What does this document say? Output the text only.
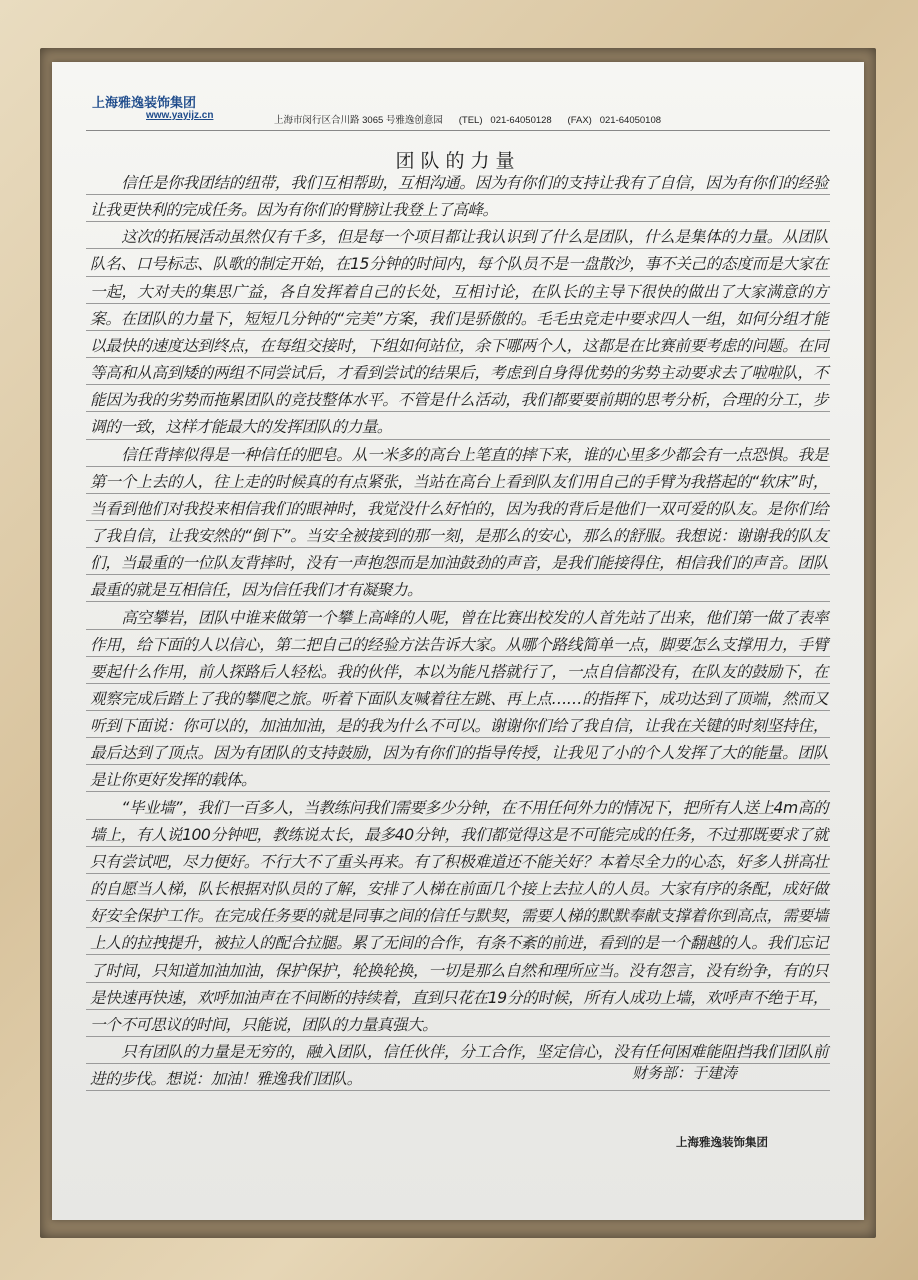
上海雅逸装饰集团
www.yayijz.cn	上海市闵行区合川路 3065 号雅逸创意园      (TEL)   021-64050128      (FAX)   021-64050108
团队的力量

信任是你我团结的纽带，我们互相帮助，互相沟通。因为有你们的支持让我有了自信，因为有你们的经验让我更快利的完成任务。因为有你们的臂膀让我登上了高峰。

这次的拓展活动虽然仅有千多，但是每一个项目都让我认识到了什么是团队，什么是集体的力量。从团队队名、口号标志、队歌的制定开始，在15分钟的时间内，每个队员不是一盘散沙，事不关己的态度而是大家在一起，大对夫的集思广益，各自发挥着自己的长处，互相讨论，在队长的主导下很快的做出了大家满意的方案。在团队的力量下，短短几分钟的“完美”方案，我们是骄傲的。毛毛虫竞走中要求四人一组，如何分组才能以最快的速度达到终点，在每组交接时，下组如何站位，余下哪两个人，这都是在比赛前要考虑的问题。在同等高和从高到矮的两组不同尝试后，才看到尝试的结果后，考虑到自身得优势的劣势主动要求去了啦啦队，不能因为我的劣势而拖累团队的竞技整体水平。不管是什么活动，我们都要要前期的思考分析，合理的分工，步调的一致，这样才能最大的发挥团队的力量。

信任背摔似得是一种信任的肥皂。从一米多的高台上笔直的摔下来，谁的心里多少都会有一点恐惧。我是第一个上去的人，往上走的时候真的有点紧张，当站在高台上看到队友们用自己的手臂为我搭起的“软床”时，当看到他们对我投来相信我们的眼神时，我觉没什么好怕的，因为我的背后是他们一双可爱的队友。是你们给了我自信，让我安然的“倒下”。当安全被接到的那一刻，是那么的安心，那么的舒服。我想说：谢谢我的队友们，当最重的一位队友背摔时，没有一声抱怨而是加油鼓劲的声音，是我们能接得住，相信我们的声音。团队最重的就是互相信任，因为信任我们才有凝聚力。

高空攀岩，团队中谁来做第一个攀上高峰的人呢，曾在比赛出校发的人首先站了出来，他们第一做了表率作用，给下面的人以信心，第二把自己的经验方法告诉大家。从哪个路线简单一点，脚要怎么支撑用力，手臂要起什么作用，前人探路后人轻松。我的伙伴，本以为能凡搭就行了，一点自信都没有，在队友的鼓励下，在观察完成后踏上了我的攀爬之旅。听着下面队友喊着往左跳、再上点……的指挥下，成功达到了顶端，然而又听到下面说：你可以的，加油加油，是的我为什么不可以。谢谢你们给了我自信，让我在关键的时刻坚持住，最后达到了顶点。因为有团队的支持鼓励，因为有你们的指导传授，让我见了小的个人发挥了大的能量。团队是让你更好发挥的载体。

“毕业墙”，我们一百多人，当教练问我们需要多少分钟，在不用任何外力的情况下，把所有人送上4m高的墙上，有人说100分钟吧，教练说太长，最多40分钟，我们都觉得这是不可能完成的任务，不过那既要求了就只有尝试吧，尽力便好。不行大不了重头再来。有了积极难道还不能关好？本着尽全力的心态，好多人拼高壮的自愿当人梯，队长根据对队员的了解，安排了人梯在前面几个接上去拉人的人员。大家有序的条配，成好做好安全保护工作。在完成任务要的就是同事之间的信任与默契，需要人梯的默默奉献支撑着你到高点，需要墙上人的拉拽提升，被拉人的配合拉腿。累了无间的合作，有条不紊的前进，看到的是一个翻越的人。我们忘记了时间，只知道加油加油，保护保护，轮换轮换，一切是那么自然和理所应当。没有怨言，没有纷争，有的只是快速再快速，欢呼加油声在不间断的持续着，直到只花在19分的时候，所有人成功上墙，欢呼声不绝于耳，一个不可思议的时间，只能说，团队的力量真强大。

只有团队的力量是无穷的，融入团队，信任伙伴，分工合作，坚定信心，没有任何困难能阻挡我们团队前进的步伐。想说：加油！雅逸我们团队。	财务部：于建涛
上海雅逸装饰集团
